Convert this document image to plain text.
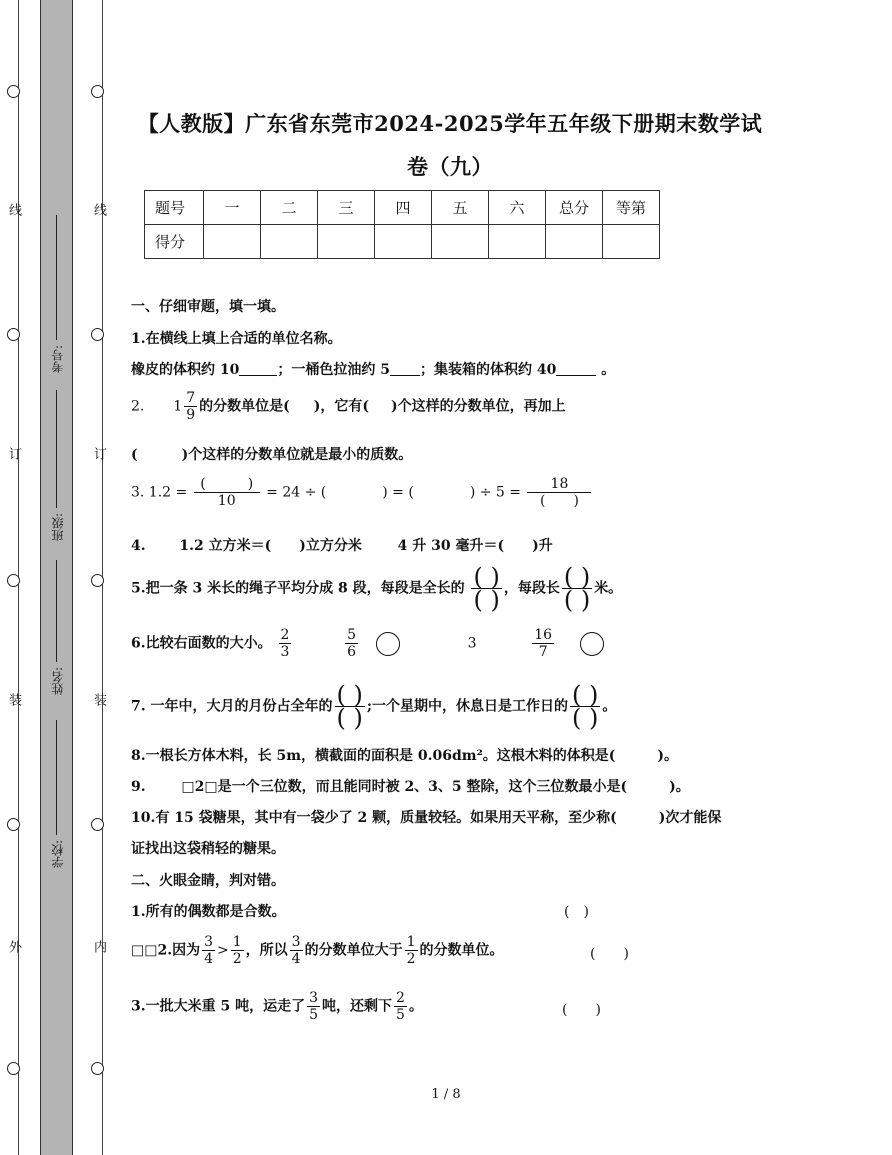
线
订
装
外
线
订
装
内
考号:
班级:
姓名:
学校:
【人教版】广东省东莞市2024-2025学年五年级下册期末数学试
卷（九）
题号	一	二	三	四	五	六	总分	等第
得分								
一、仔细审题，填一填。
1.在横线上填上合适的单位名称。
橡皮的体积约 10	；一桶色拉油约 5 ；集装箱的体积约 40	。
2. $1 \frac{7}{9}$ 的分数单位是( )，它有( )个这样的分数单位，再加上
(	)个这样的分数单位就是最小的质数。
3. $1.2 = \frac{( )}{10} = 24$ ÷ (　　　　) = (　　　　) ÷ $5 = \frac{18}{( )}$
4. 1.2 立方米＝(　　)立方分米	4 升 30 毫升＝(　　)升
5.把一条 3 米长的绳子平均分成 8 段，每段是全长的 $\frac{( )}{( )}$ ，每段长 $\frac{( )}{( )}$ 米。
6.比较右面数的大小。 $\frac{2}{3}$
	$\frac{5}{6}$	3	$\frac{16}{7}$

7. 一年中，大月的月份占全年的 $\frac{( )}{( )}$ ;一个星期中，休息日是工作日的 $\frac{( )}{( )}$ 。
8.一根长方体木料，长 5m，横截面的面积是 0.06dm²。这根木料的体积是(　　　)。
9.	□2□是一个三位数，而且能同时被 2、3、5 整除，这个三位数最小是(　　　)。
10.有 15 袋糖果，其中有一袋少了 2 颗，质量较轻。如果用天平称，至少称(　　　)次才能保
证找出这袋稍轻的糖果。
二、火眼金睛，判对错。
1.所有的偶数都是合数。	(　)
□□2.因为 $\frac{3}{4} > \frac{1}{2}$ ，所以 $\frac{3}{4}$ 的分数单位大于 $\frac{1}{2}$ 的分数单位。	(　　)
3.一批大米重 5 吨，运走了 $\frac{3}{5}$ 吨，还剩下 $\frac{2}{5}$ 。	(　　)
1 / 8
